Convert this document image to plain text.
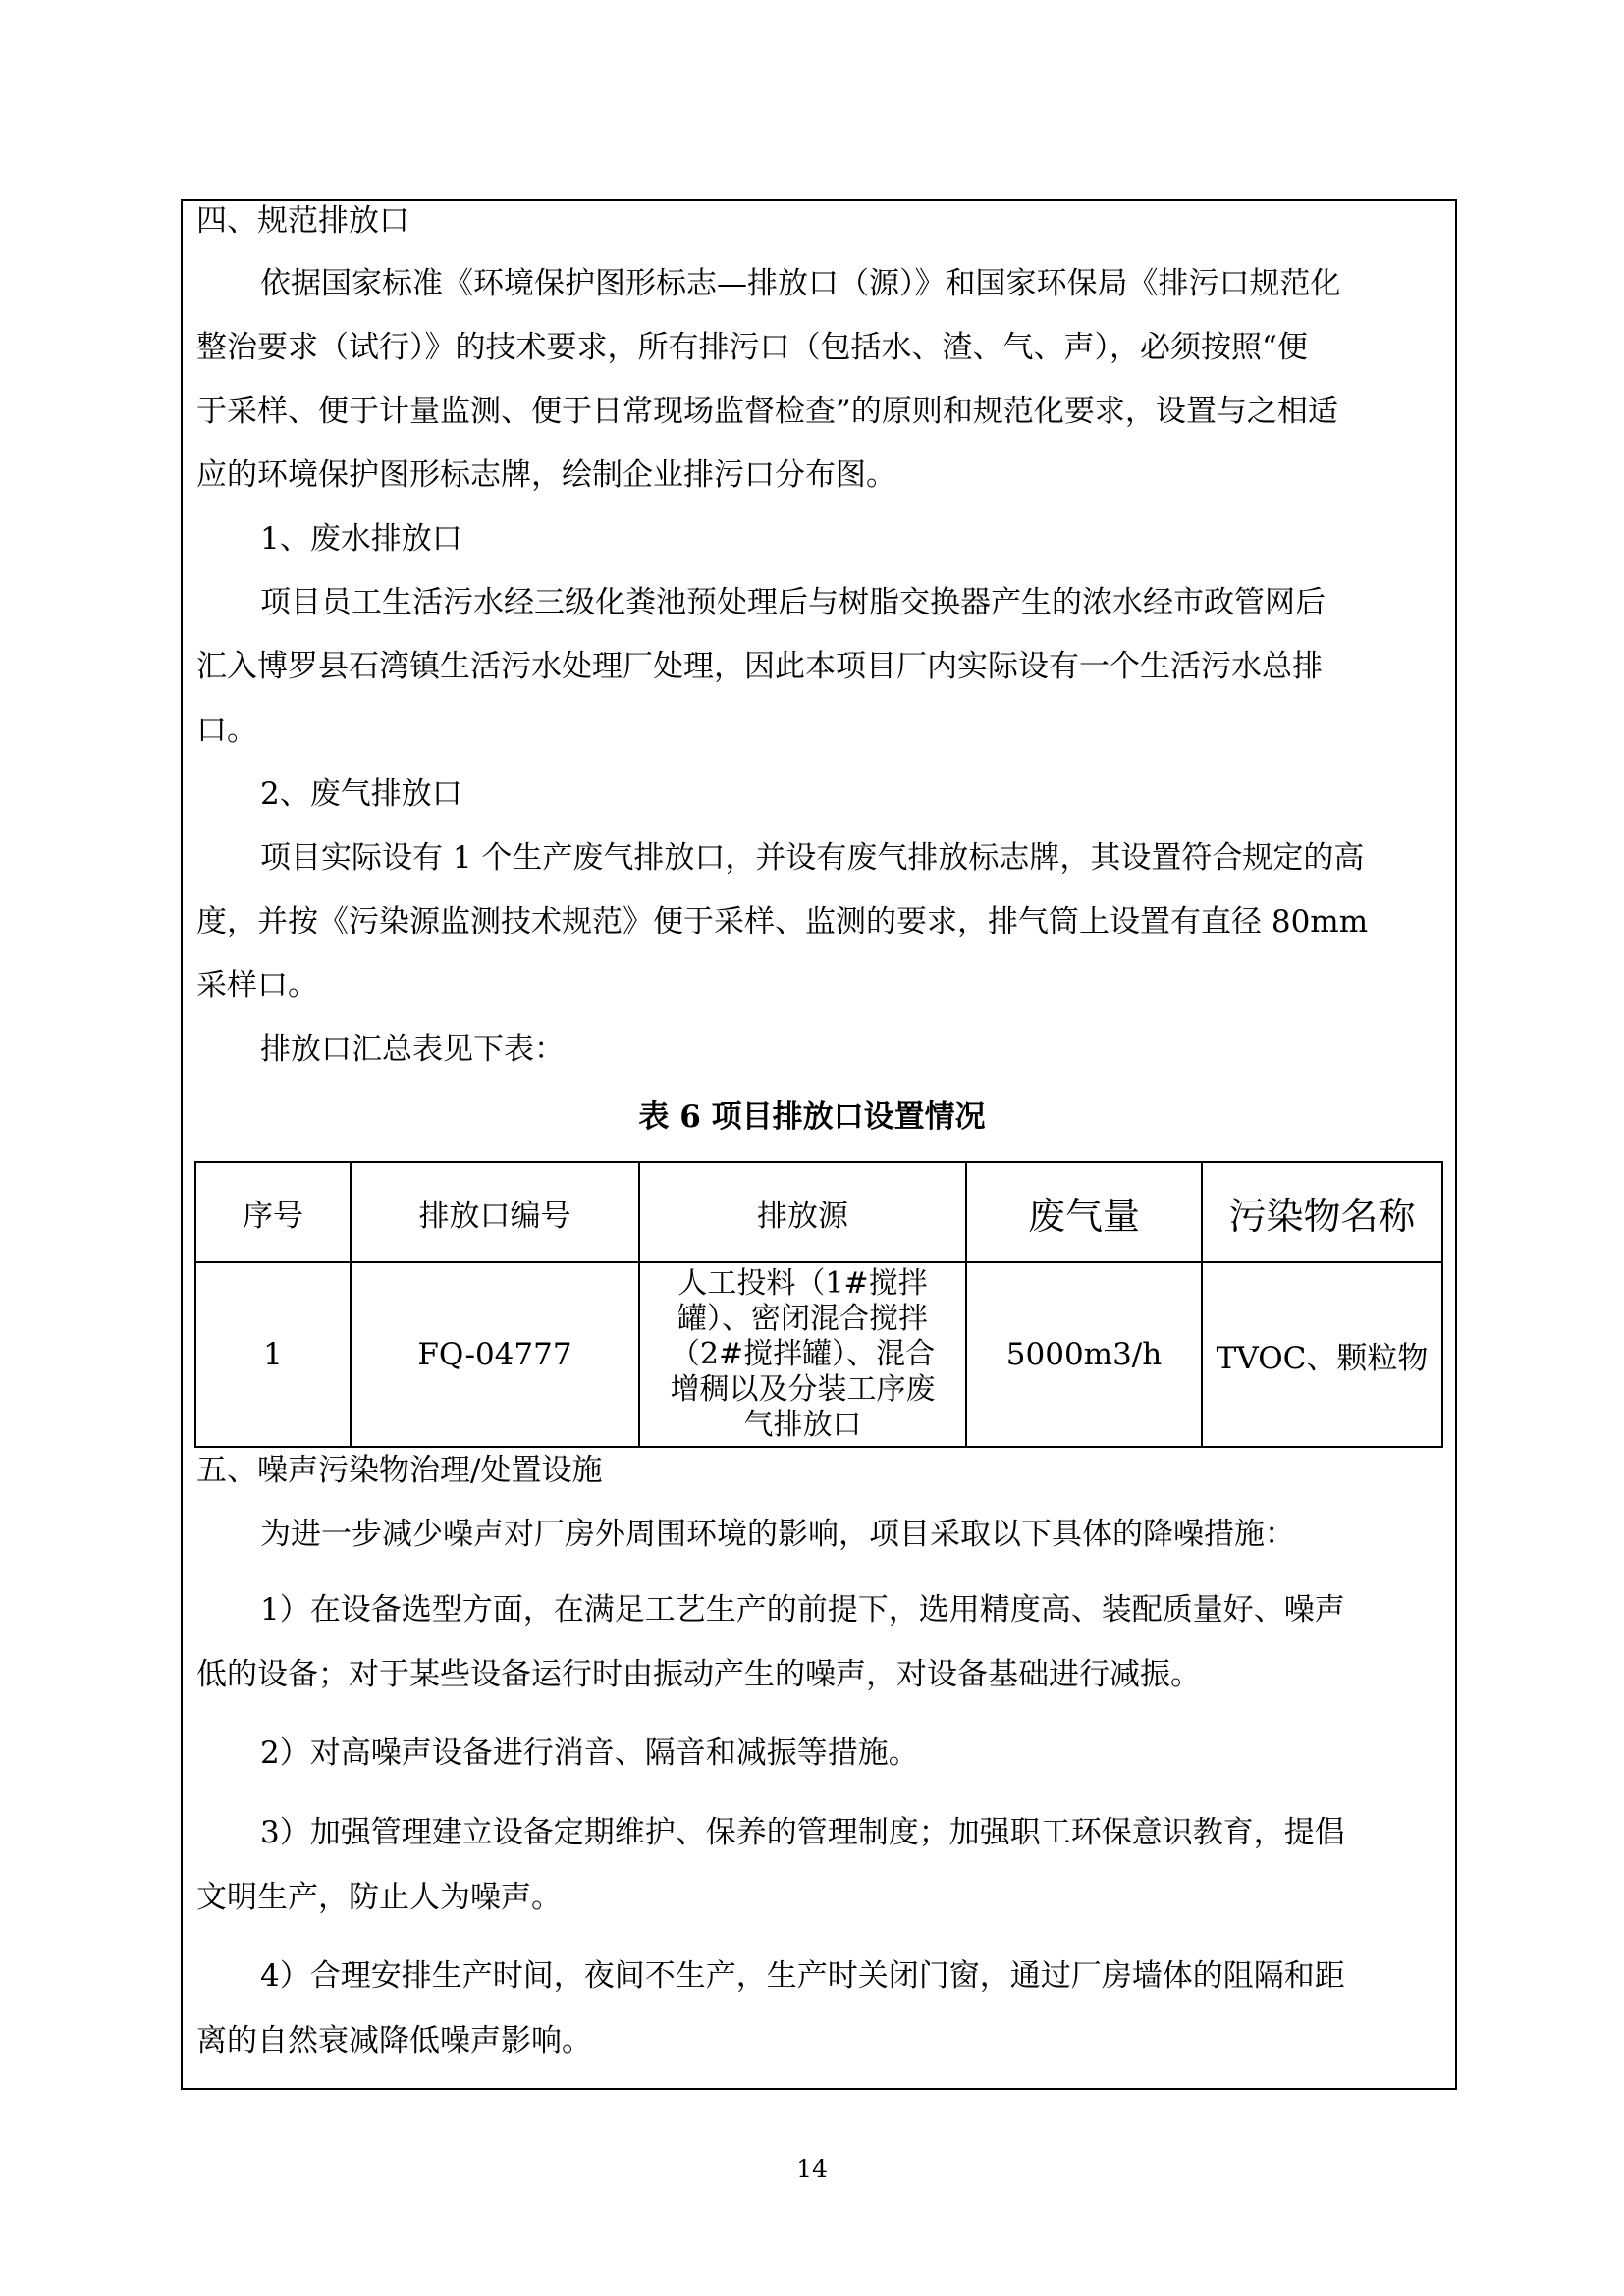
四、规范排放口
依据国家标准《环境保护图形标志—排放口（源）》和国家环保局《排污口规范化
整治要求（试行）》的技术要求，所有排污口（包括水、渣、气、声），必须按照“便
于采样、便于计量监测、便于日常现场监督检查”的原则和规范化要求，设置与之相适
应的环境保护图形标志牌，绘制企业排污口分布图。
1、废水排放口
项目员工生活污水经三级化粪池预处理后与树脂交换器产生的浓水经市政管网后
汇入博罗县石湾镇生活污水处理厂处理，因此本项目厂内实际设有一个生活污水总排
口。
2、废气排放口
项目实际设有 1 个生产废气排放口，并设有废气排放标志牌，其设置符合规定的高
度，并按《污染源监测技术规范》便于采样、监测的要求，排气筒上设置有直径 80mm
采样口。
排放口汇总表见下表：
表 6 项目排放口设置情况
序号	排放口编号	排放源	废气量	污染物名称
1	FQ-04777	人工投料（1#搅拌
罐）、密闭混合搅拌
（2#搅拌罐）、混合
增稠以及分装工序废
气排放口	5000m3/h	TVOC、颗粒物
五、噪声污染物治理/处置设施
为进一步减少噪声对厂房外周围环境的影响，项目采取以下具体的降噪措施：
1）在设备选型方面，在满足工艺生产的前提下，选用精度高、装配质量好、噪声
低的设备；对于某些设备运行时由振动产生的噪声，对设备基础进行减振。
2）对高噪声设备进行消音、隔音和减振等措施。
3）加强管理建立设备定期维护、保养的管理制度；加强职工环保意识教育，提倡
文明生产，防止人为噪声。
4）合理安排生产时间，夜间不生产，生产时关闭门窗，通过厂房墙体的阻隔和距
离的自然衰减降低噪声影响。
14
